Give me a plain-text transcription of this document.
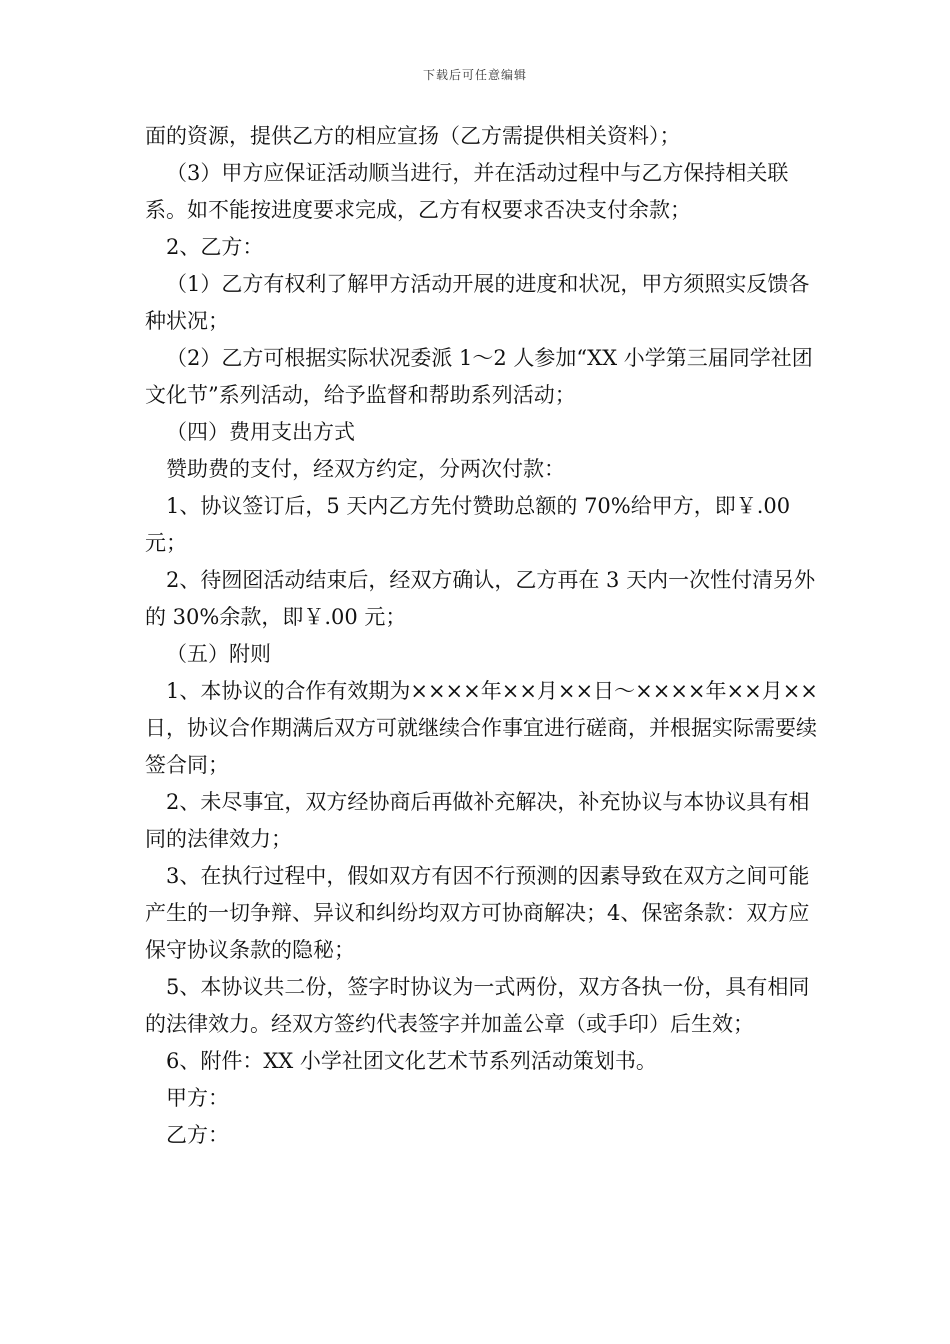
下载后可任意编辑

面的资源，提供乙方的相应宣扬（乙方需提供相关资料）；

（3）甲方应保证活动顺当进行，并在活动过程中与乙方保持相关联系。如不能按进度要求完成，乙方有权要求否决支付余款；

2、乙方：

（1）乙方有权利了解甲方活动开展的进度和状况，甲方须照实反馈各种状况；

（2）乙方可根据实际状况委派 1～2 人参加“XX 小学第三届同学社团文化节”系列活动，给予监督和帮助系列活动；

（四）费用支出方式

赞助费的支付，经双方约定，分两次付款：

1、协议签订后，5 天内乙方先付赞助总额的 70%给甲方，即￥.00 元；

2、待囫囵活动结束后，经双方确认，乙方再在 3 天内一次性付清另外的 30%余款，即￥.00 元；

（五）附则

1、本协议的合作有效期为××××年××月××日～××××年××月××日，协议合作期满后双方可就继续合作事宜进行磋商，并根据实际需要续签合同；

2、未尽事宜，双方经协商后再做补充解决，补充协议与本协议具有相同的法律效力；

3、在执行过程中，假如双方有因不行预测的因素导致在双方之间可能产生的一切争辩、异议和纠纷均双方可协商解决；4、保密条款：双方应保守协议条款的隐秘；

5、本协议共二份，签字时协议为一式两份，双方各执一份，具有相同的法律效力。经双方签约代表签字并加盖公章（或手印）后生效；

6、附件：XX 小学社团文化艺术节系列活动策划书。

甲方：

乙方：
